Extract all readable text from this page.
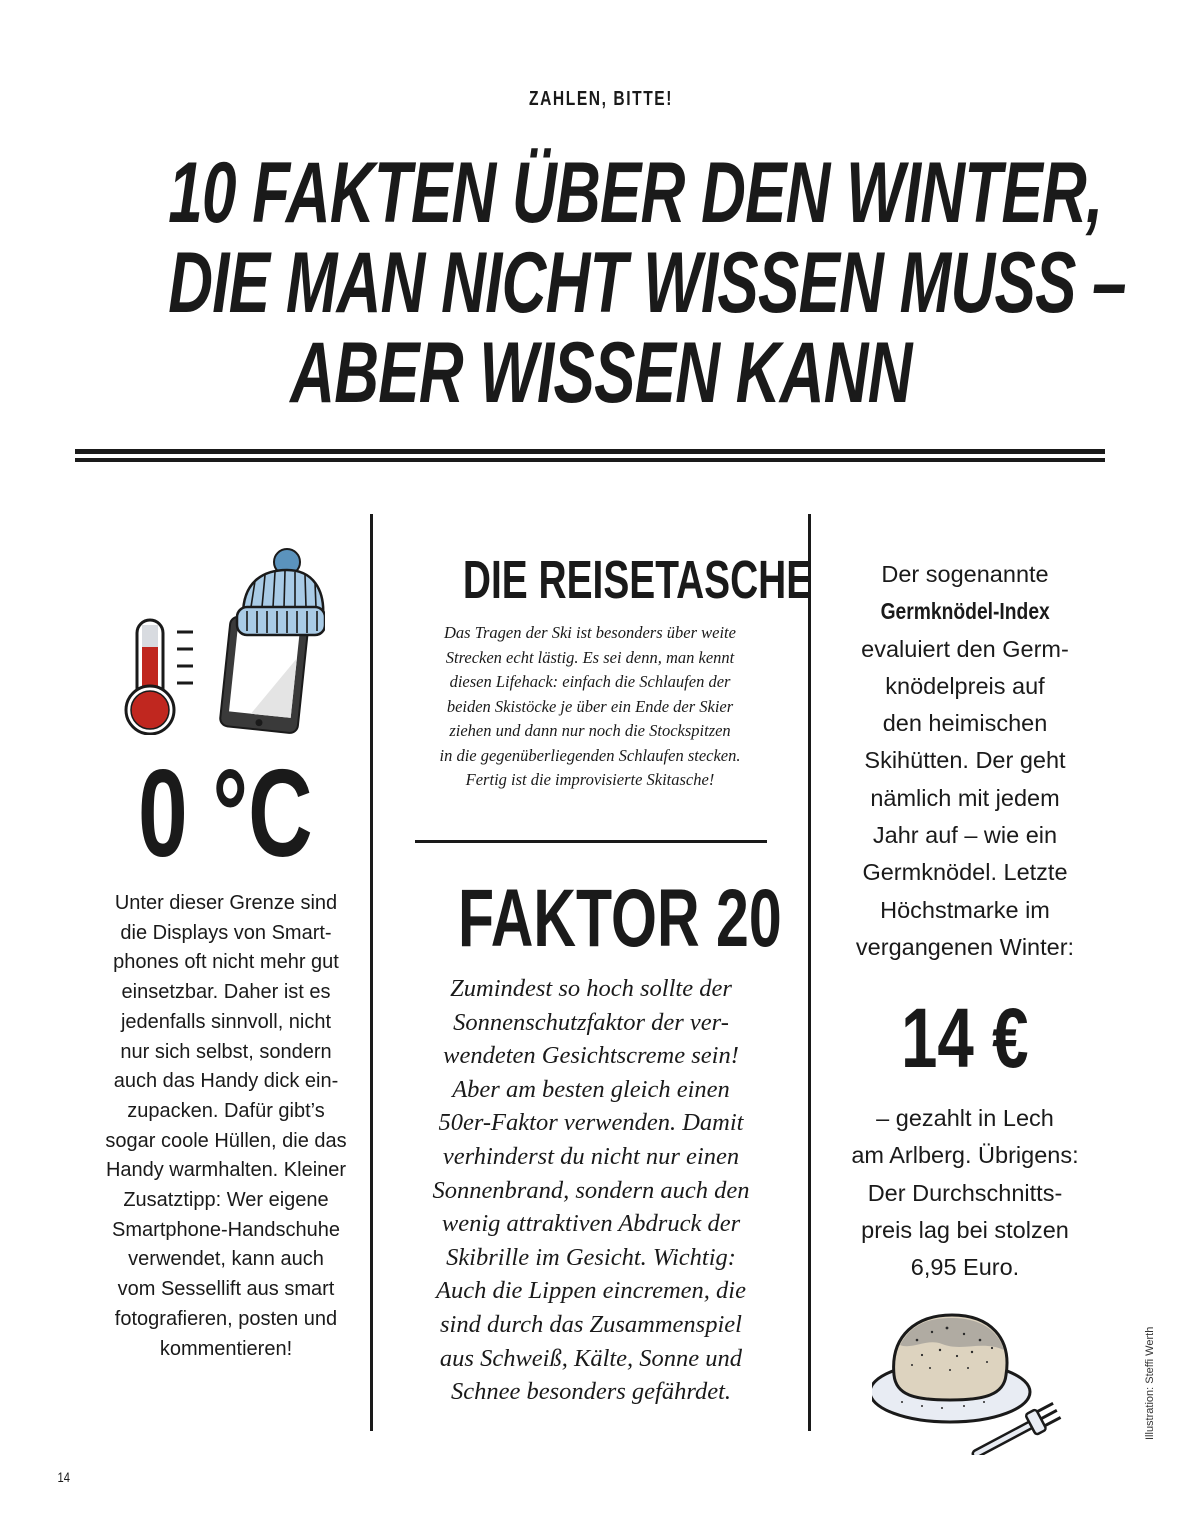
ZAHLEN, BITTE!
10 FAKTEN ÜBER DEN WINTER,
DIE MAN NICHT WISSEN MUSS –
ABER WISSEN KANN
0 °C
Unter dieser Grenze sind
die Displays von Smart-
phones oft nicht mehr gut
einsetzbar. Daher ist es
jedenfalls sinnvoll, nicht
nur sich selbst, sondern
auch das Handy dick ein-
zupacken. Dafür gibt’s
sogar coole Hüllen, die das
Handy warmhalten. Kleiner
Zusatztipp: Wer eigene
Smartphone-Handschuhe
verwendet, kann auch
vom Sessellift aus smart
fotografieren, posten und
kommentieren!
DIE REISETASCHE
Das Tragen der Ski ist besonders über weite
Strecken echt lästig. Es sei denn, man kennt
diesen Lifehack: einfach die Schlaufen der
beiden Skistöcke je über ein Ende der Skier
ziehen und dann nur noch die Stockspitzen
in die gegenüberliegenden Schlaufen stecken.
Fertig ist die improvisierte Skitasche!
FAKTOR 20
Zumindest so hoch sollte der
Sonnenschutzfaktor der ver-
wendeten Gesichtscreme sein!
Aber am besten gleich einen
50er-Faktor verwenden. Damit
verhinderst du nicht nur einen
Sonnenbrand, sondern auch den
wenig attraktiven Abdruck der
Skibrille im Gesicht. Wichtig:
Auch die Lippen eincremen, die
sind durch das Zusammenspiel
aus Schweiß, Kälte, Sonne und
Schnee besonders gefährdet.
Der sogenannte
Germknödel-Index
evaluiert den Germ-
knödelpreis auf
den heimischen
Skihütten. Der geht
nämlich mit jedem
Jahr auf – wie ein
Germknödel. Letzte
Höchstmarke im
vergangenen Winter:
14 €
– gezahlt in Lech
am Arlberg. Übrigens:
Der Durchschnitts-
preis lag bei stolzen
6,95 Euro.
Illustration: Steffi Werth
14
